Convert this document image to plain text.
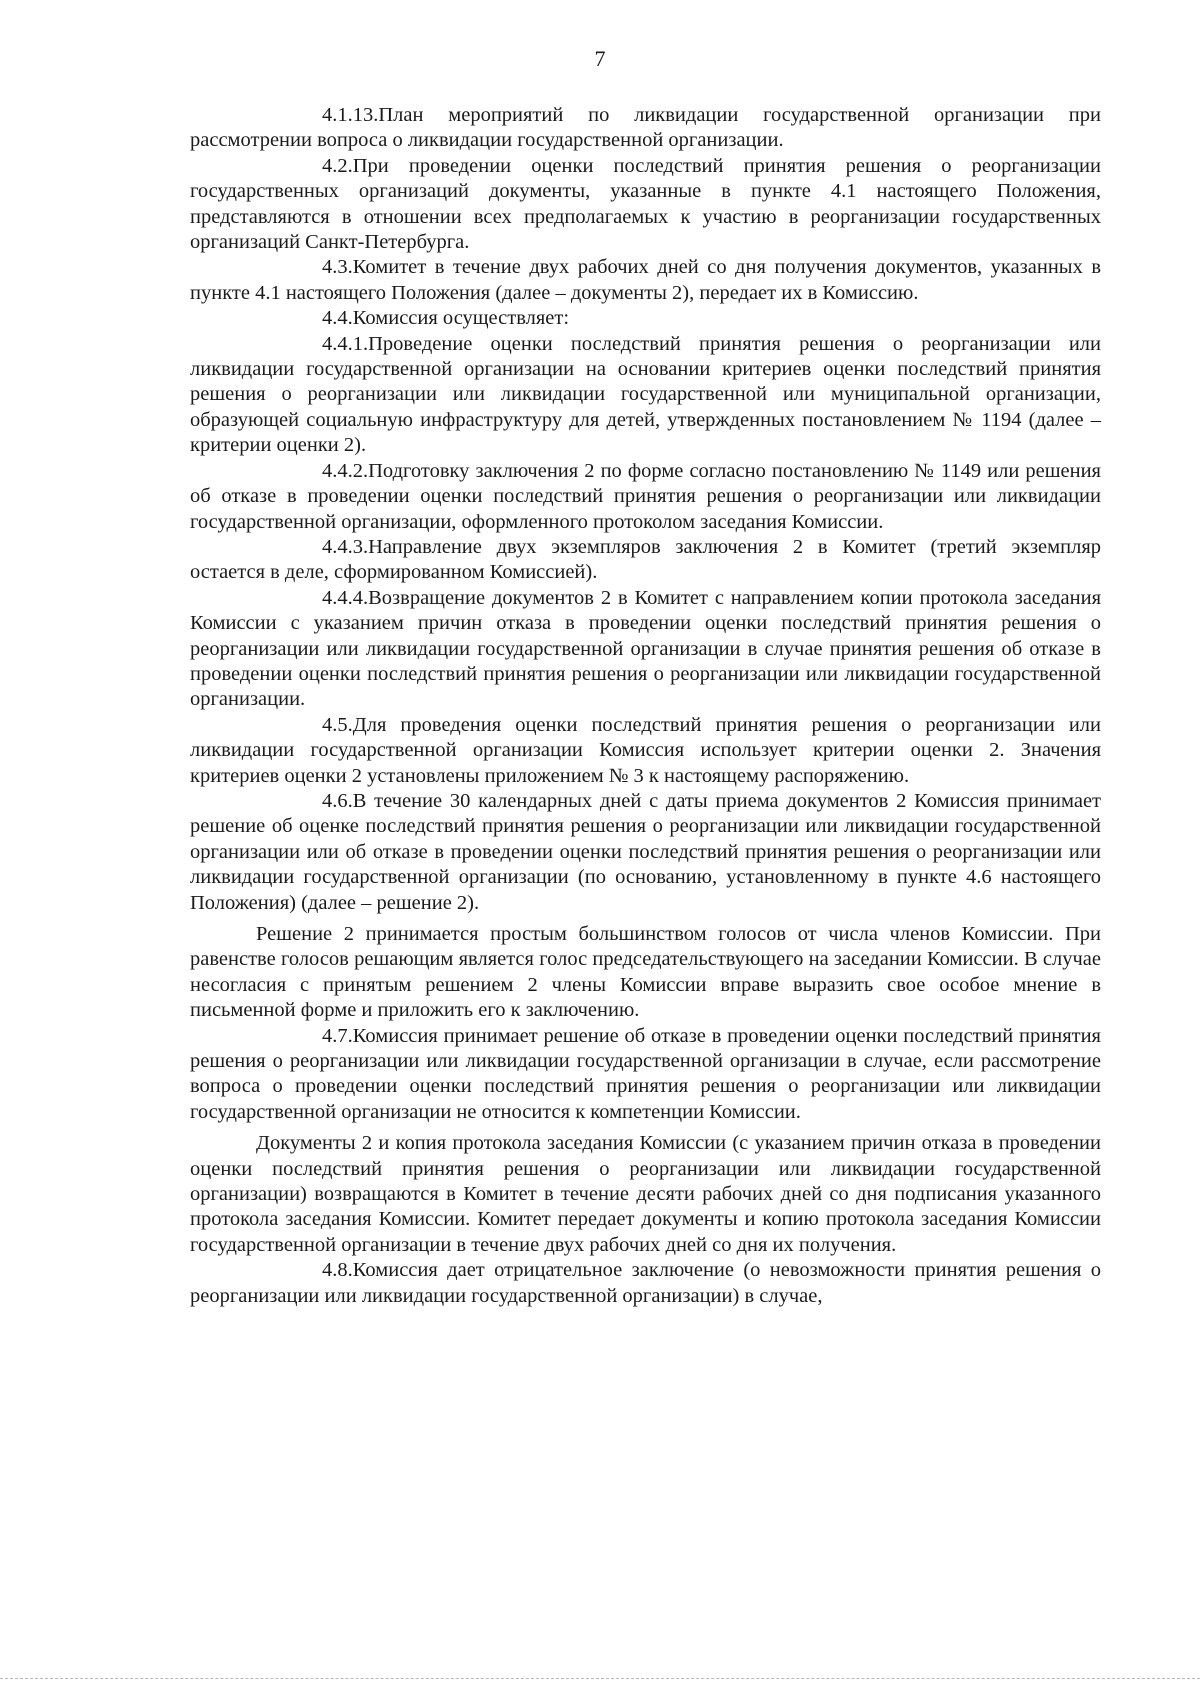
7

4.1.13.План мероприятий по ликвидации государственной организации при рассмотрении вопроса о ликвидации государственной организации.

4.2.При проведении оценки последствий принятия решения о реорганизации государственных организаций документы, указанные в пункте 4.1 настоящего Положения, представляются в отношении всех предполагаемых к участию в реорганизации государственных организаций Санкт-Петербурга.

4.3.Комитет в течение двух рабочих дней со дня получения документов, указанных в пункте 4.1 настоящего Положения (далее – документы 2), передает их в Комиссию.

4.4.Комиссия осуществляет:

4.4.1.Проведение оценки последствий принятия решения о реорганизации или ликвидации государственной организации на основании критериев оценки последствий принятия решения о реорганизации или ликвидации государственной или муниципальной организации, образующей социальную инфраструктуру для детей, утвержденных постановлением № 1194 (далее – критерии оценки 2).

4.4.2.Подготовку заключения 2 по форме согласно постановлению № 1149 или решения об отказе в проведении оценки последствий принятия решения о реорганизации или ликвидации государственной организации, оформленного протоколом заседания Комиссии.

4.4.3.Направление двух экземпляров заключения 2 в Комитет (третий экземпляр остается в деле, сформированном Комиссией).

4.4.4.Возвращение документов 2 в Комитет с направлением копии протокола заседания Комиссии с указанием причин отказа в проведении оценки последствий принятия решения о реорганизации или ликвидации государственной организации в случае принятия решения об отказе в проведении оценки последствий принятия решения о реорганизации или ликвидации государственной организации.

4.5.Для проведения оценки последствий принятия решения о реорганизации или ликвидации государственной организации Комиссия использует критерии оценки 2. Значения критериев оценки 2 установлены приложением № 3 к настоящему распоряжению.

4.6.В течение 30 календарных дней с даты приема документов 2 Комиссия принимает решение об оценке последствий принятия решения о реорганизации или ликвидации государственной организации или об отказе в проведении оценки последствий принятия решения о реорганизации или ликвидации государственной организации (по основанию, установленному в пункте 4.6 настоящего Положения) (далее – решение 2).

Решение 2 принимается простым большинством голосов от числа членов Комиссии. При равенстве голосов решающим является голос председательствующего на заседании Комиссии. В случае несогласия с принятым решением 2 члены Комиссии вправе выразить свое особое мнение в письменной форме и приложить его к заключению.

4.7.Комиссия принимает решение об отказе в проведении оценки последствий принятия решения о реорганизации или ликвидации государственной организации в случае, если рассмотрение вопроса о проведении оценки последствий принятия решения о реорганизации или ликвидации государственной организации не относится к компетенции Комиссии.

Документы 2 и копия протокола заседания Комиссии (с указанием причин отказа в проведении оценки последствий принятия решения о реорганизации или ликвидации государственной организации) возвращаются в Комитет в течение десяти рабочих дней со дня подписания указанного протокола заседания Комиссии. Комитет передает документы и копию протокола заседания Комиссии государственной организации в течение двух рабочих дней со дня их получения.

4.8.Комиссия дает отрицательное заключение (о невозможности принятия решения о реорганизации или ликвидации государственной организации) в случае,
